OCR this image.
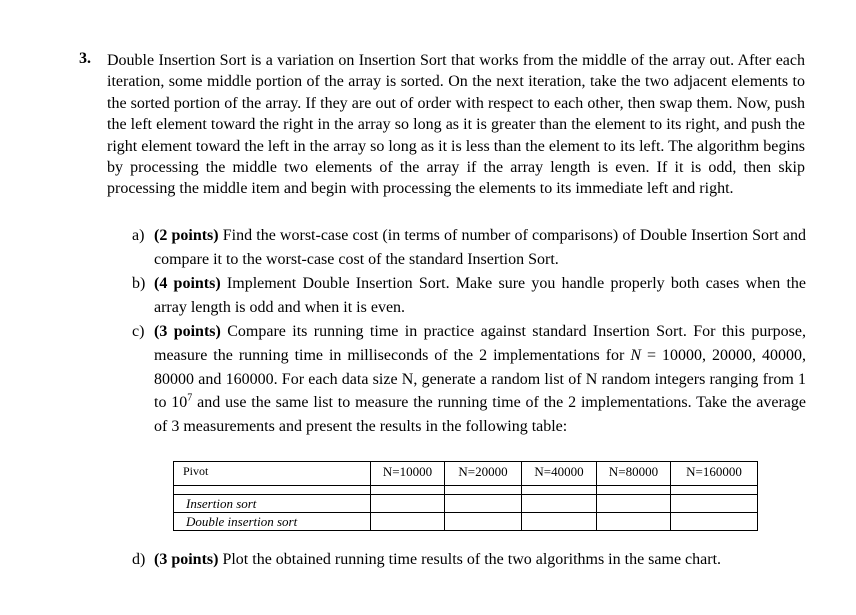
3. Double Insertion Sort is a variation on Insertion Sort that works from the middle of the array out. After each iteration, some middle portion of the array is sorted. On the next iteration, take the two adjacent elements to the sorted portion of the array. If they are out of order with respect to each other, then swap them. Now, push the left element toward the right in the array so long as it is greater than the element to its right, and push the right element toward the left in the array so long as it is less than the element to its left. The algorithm begins by processing the middle two elements of the array if the array length is even. If it is odd, then skip processing the middle item and begin with processing the elements to its immediate left and right.
a) (2 points) Find the worst-case cost (in terms of number of comparisons) of Double Insertion Sort and compare it to the worst-case cost of the standard Insertion Sort.
b) (4 points) Implement Double Insertion Sort. Make sure you handle properly both cases when the array length is odd and when it is even.
c) (3 points) Compare its running time in practice against standard Insertion Sort. For this purpose, measure the running time in milliseconds of the 2 implementations for N = 10000, 20000, 40000, 80000 and 160000. For each data size N, generate a random list of N random integers ranging from 1 to $10^7$ and use the same list to measure the running time of the 2 implementations. Take the average of 3 measurements and present the results in the following table:
Pivot	N=10000	N=20000	N=40000	N=80000	N=160000

Insertion sort					
Double insertion sort					
d) (3 points) Plot the obtained running time results of the two algorithms in the same chart.
